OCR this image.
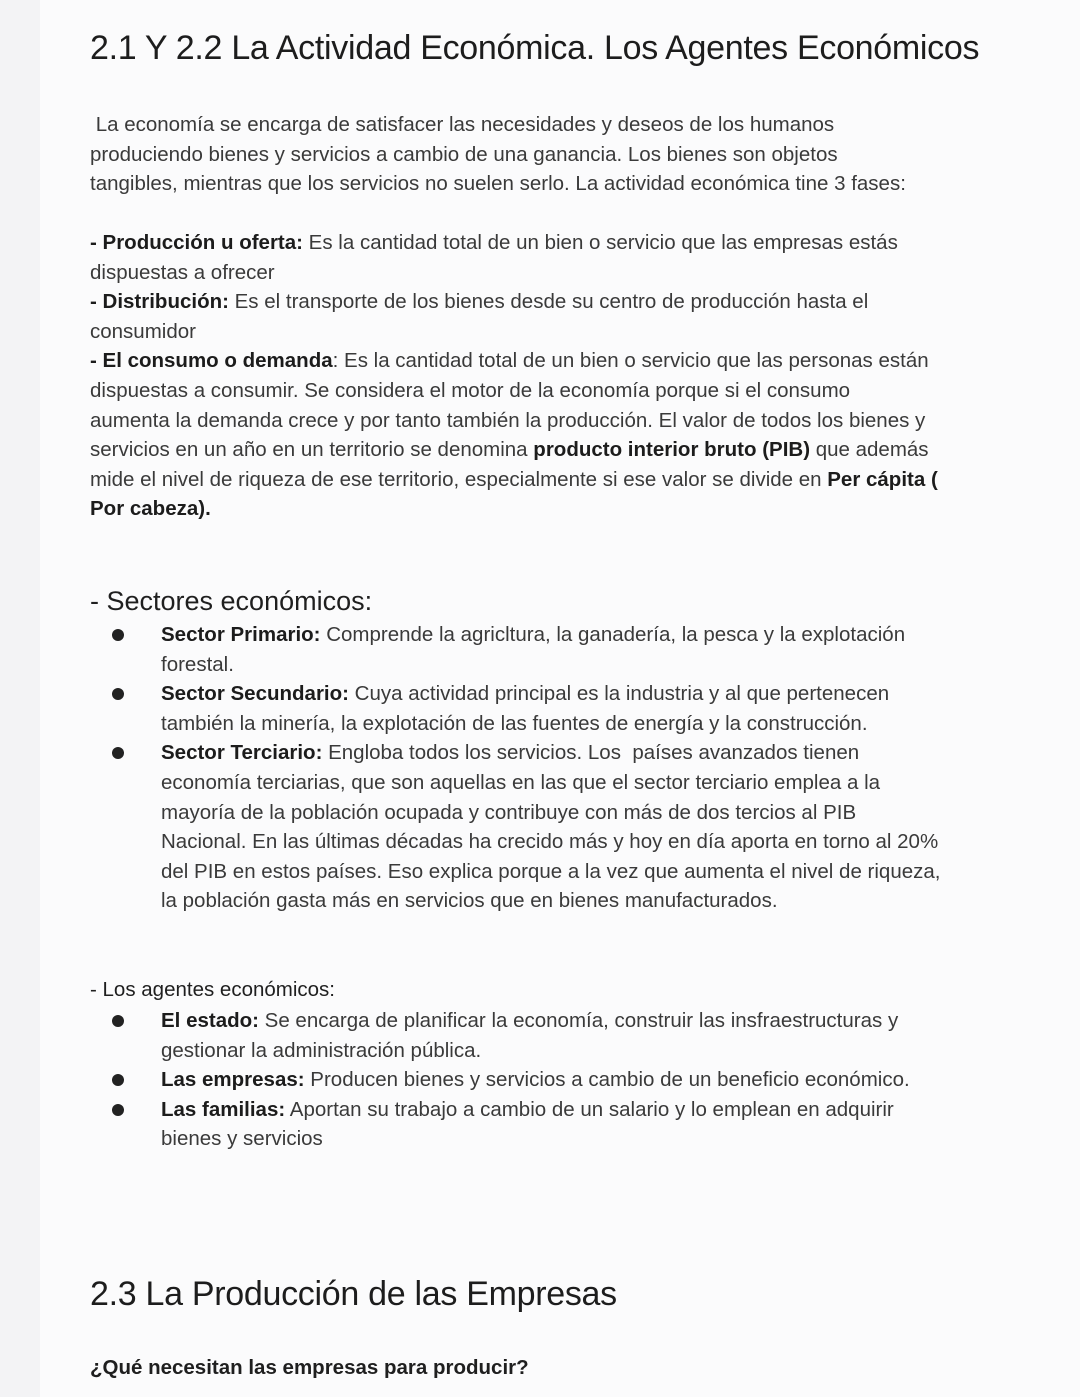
2.1 Y 2.2 La Actividad Económica. Los Agentes Económicos
La economía se encarga de satisfacer las necesidades y deseos de los humanos
produciendo bienes y servicios a cambio de una ganancia. Los bienes son objetos
tangibles, mientras que los servicios no suelen serlo. La actividad económica tine 3 fases:
- Producción u oferta: Es la cantidad total de un bien o servicio que las empresas estás
dispuestas a ofrecer
- Distribución: Es el transporte de los bienes desde su centro de producción hasta el
consumidor
- El consumo o demanda: Es la cantidad total de un bien o servicio que las personas están
dispuestas a consumir. Se considera el motor de la economía porque si el consumo
aumenta la demanda crece y por tanto también la producción. El valor de todos los bienes y
servicios en un año en un territorio se denomina producto interior bruto (PIB) que además
mide el nivel de riqueza de ese territorio, especialmente si ese valor se divide en Per cápita (
Por cabeza).
- Sectores económicos:
Sector Primario: Comprende la agricltura, la ganadería, la pesca y la explotación
forestal.
Sector Secundario: Cuya actividad principal es la industria y al que pertenecen
también la minería, la explotación de las fuentes de energía y la construcción.
Sector Terciario: Engloba todos los servicios. Los  países avanzados tienen
economía terciarias, que son aquellas en las que el sector terciario emplea a la
mayoría de la población ocupada y contribuye con más de dos tercios al PIB
Nacional. En las últimas décadas ha crecido más y hoy en día aporta en torno al 20%
del PIB en estos países. Eso explica porque a la vez que aumenta el nivel de riqueza,
la población gasta más en servicios que en bienes manufacturados.
- Los agentes económicos:
El estado: Se encarga de planificar la economía, construir las insfraestructuras y
gestionar la administración pública.
Las empresas: Producen bienes y servicios a cambio de un beneficio económico.
Las familias: Aportan su trabajo a cambio de un salario y lo emplean en adquirir
bienes y servicios
2.3 La Producción de las Empresas
¿Qué necesitan las empresas para producir?
